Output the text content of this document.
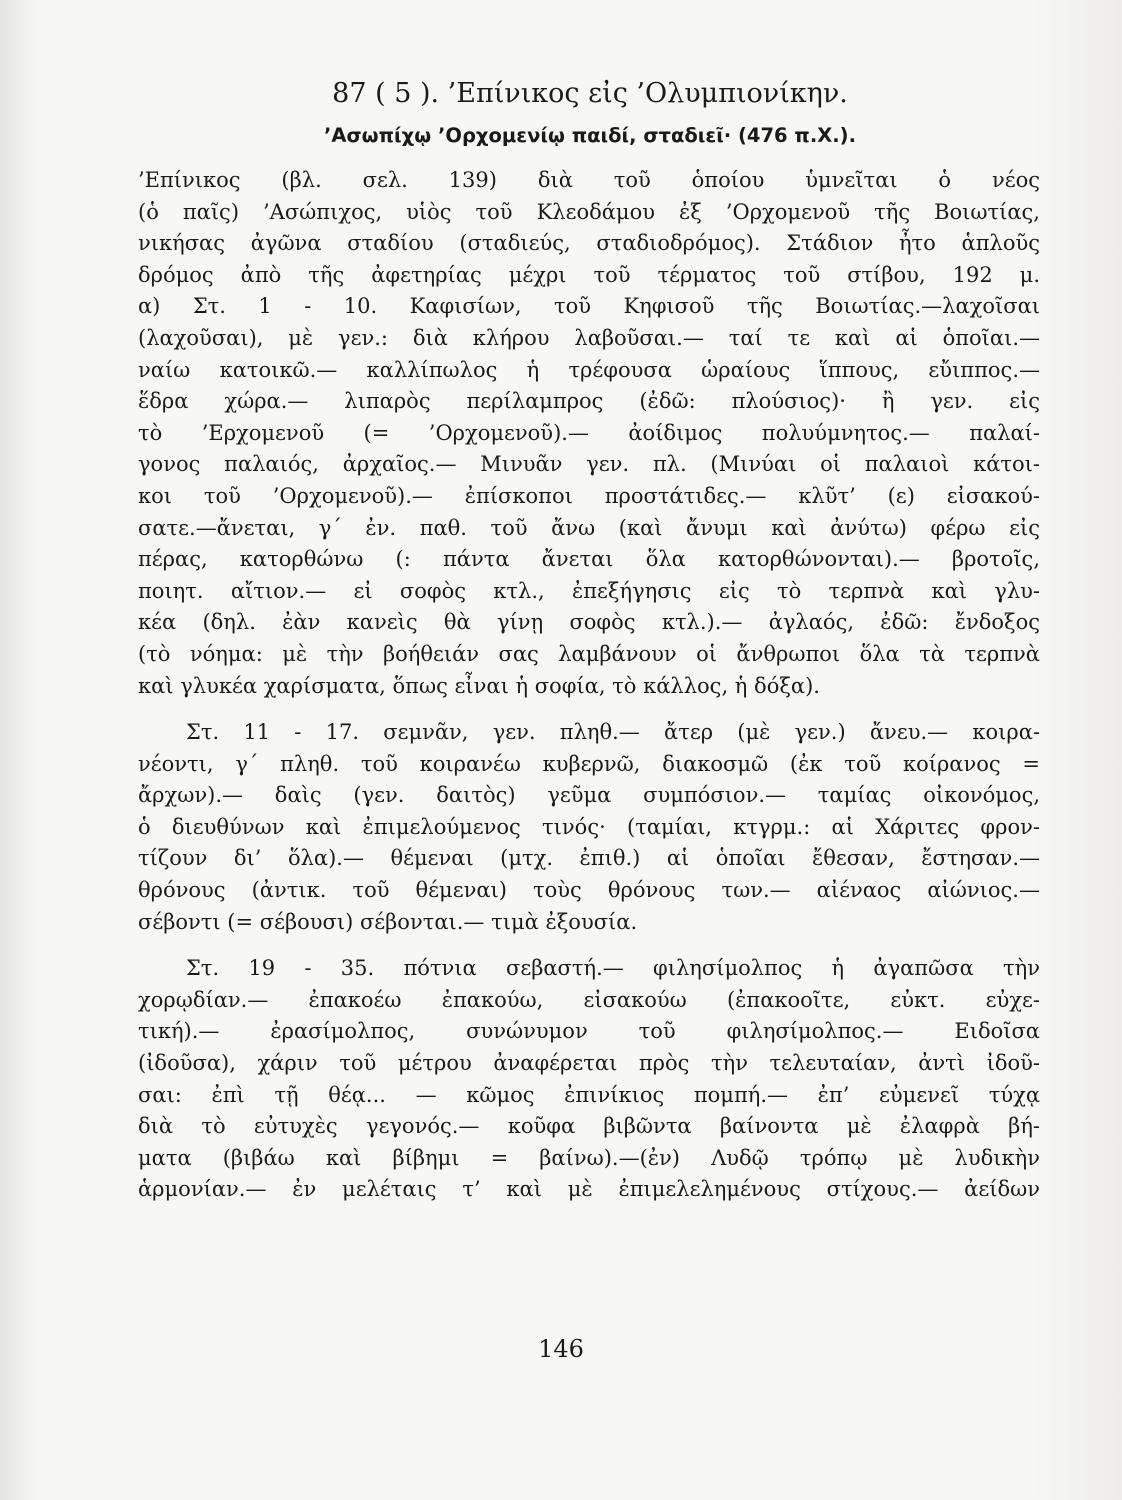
87 ( 5 ). ’Επίνικος εἰς ’Ολυμπιονίκην.
’Ασωπίχῳ ’Ορχομενίῳ παιδί, σταδιεῖ· (476 π.Χ.).
’Επίνικος (βλ. σελ. 139) διὰ τοῦ ὁποίου ὑμνεῖται ὁ νέος
(ὁ παῖς) ’Ασώπιχος, υἱὸς τοῦ Κλεοδάμου ἐξ ’Ορχομενοῦ τῆς Βοιωτίας,
νικήσας ἀγῶνα σταδίου (σταδιεύς, σταδιοδρόμος). Στάδιον ἦτο ἁπλοῦς
δρόμος ἀπὸ τῆς ἀφετηρίας μέχρι τοῦ τέρματος τοῦ στίβου, 192 μ.
α) Στ. 1 - 10. Καφισίων, τοῦ Κηφισοῦ τῆς Βοιωτίας.—λαχοῖσαι
(λαχοῦσαι), μὲ γεν.: διὰ κλήρου λαβοῦσαι.— ταί τε καὶ αἱ ὁποῖαι.—
ναίω κατοικῶ.— καλλίπωλος ἡ τρέφουσα ὡραίους ἵππους, εὔιππος.—
ἕδρα χώρα.— λιπαρὸς περίλαμπρος (ἐδῶ: πλούσιος)· ἢ γεν. εἰς
τὸ ’Ερχομενοῦ (= ’Ορχομενοῦ).— ἀοίδιμος πολυύμνητος.— παλαί-
γονος παλαιός, ἀρχαῖος.— Μινυᾶν γεν. πλ. (Μινύαι οἱ παλαιοὶ κάτοι-
κοι τοῦ ’Ορχομενοῦ).— ἐπίσκοποι προστάτιδες.— κλῦτ’ (ε) εἰσακού-
σατε.—ἄνεται, γ΄ ἐν. παθ. τοῦ ἄνω (καὶ ἄνυμι καὶ ἀνύτω) φέρω εἰς
πέρας, κατορθώνω (: πάντα ἄνεται ὅλα κατορθώνονται).— βροτοῖς,
ποιητ. αἴτιον.— εἰ σοφὸς κτλ., ἐπεξήγησις εἰς τὸ τερπνὰ καὶ γλυ-
κέα (δηλ. ἐὰν κανεὶς θὰ γίνῃ σοφὸς κτλ.).— ἀγλαός, ἐδῶ: ἔνδοξος
(τὸ νόημα: μὲ τὴν βοήθειάν σας λαμβάνουν οἱ ἄνθρωποι ὅλα τὰ τερπνὰ
καὶ γλυκέα χαρίσματα, ὅπως εἶναι ἡ σοφία, τὸ κάλλος, ἡ δόξα).
Στ. 11 - 17. σεμνᾶν, γεν. πληθ.— ἄτερ (μὲ γεν.) ἄνευ.— κοιρα-
νέοντι, γ΄ πληθ. τοῦ κοιρανέω κυβερνῶ, διακοσμῶ (ἐκ τοῦ κοίρανος =
ἄρχων).— δαὶς (γεν. δαιτὸς) γεῦμα συμπόσιον.— ταμίας οἰκονόμος,
ὁ διευθύνων καὶ ἐπιμελούμενος τινός· (ταμίαι, κτγρμ.: αἱ Χάριτες φρον-
τίζουν δι’ ὅλα).— θέμεναι (μτχ. ἐπιθ.) αἱ ὁποῖαι ἔθεσαν, ἔστησαν.—
θρόνους (ἀντικ. τοῦ θέμεναι) τοὺς θρόνους των.— αἰέναος αἰώνιος.—
σέβοντι (= σέβουσι) σέβονται.— τιμὰ ἐξουσία.
Στ. 19 - 35. πότνια σεβαστή.— φιλησίμολπος ἡ ἀγαπῶσα τὴν
χορῳδίαν.— ἐπακοέω ἐπακούω, εἰσακούω (ἐπακοοῖτε, εὐκτ. εὐχε-
τική).— ἐρασίμολπος, συνώνυμον τοῦ φιλησίμολπος.— Ειδοῖσα
(ἰδοῦσα), χάριν τοῦ μέτρου ἀναφέρεται πρὸς τὴν τελευταίαν, ἀντὶ ἰδοῦ-
σαι: ἐπὶ τῇ θέᾳ... — κῶμος ἐπινίκιος πομπή.— ἐπ’ εὐμενεῖ τύχᾳ
διὰ τὸ εὐτυχὲς γεγονός.— κοῦφα βιβῶντα βαίνοντα μὲ ἐλαφρὰ βή-
ματα (βιβάω καὶ βίβημι = βαίνω).—(ἐν) Λυδῷ τρόπῳ μὲ λυδικὴν
ἁρμονίαν.— ἐν μελέταις τ’ καὶ μὲ ἐπιμελελημένους στίχους.— ἀείδων
146
